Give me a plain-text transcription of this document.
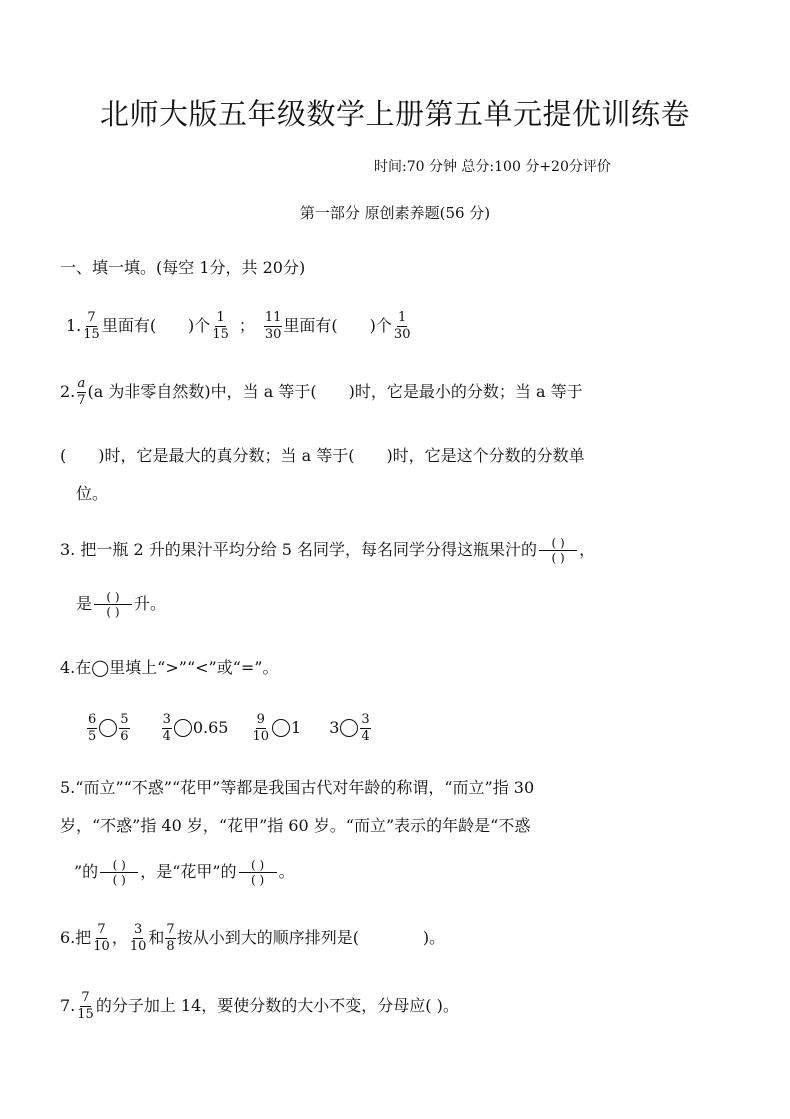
北师大版五年级数学上册第五单元提优训练卷
时间:70 分钟 总分:100 分+20分评价
第一部分 原创素养题(56 分)
一、填一填。(每空 1分，共 20分)
1. $\frac{7}{15}$ 里面有(　　)个 $\frac{1}{15}$ ； $\frac{11}{30}$ 里面有(　　)个 $\frac{1}{30}$
2. $\frac{a}{7} (a$ 为非零自然数)中，当 a 等于(　　)时，它是最小的分数；当 a 等于
(　　)时，它是最大的真分数；当 a 等于(　　)时，它是这个分数的分数单
位。
3. 把一瓶 2 升的果汁平均分给 5 名同学，每名同学分得这瓶果汁的 $\frac{( )}{( )}$ ，
是 $\frac{( )}{( )}$ 升。
4.在◯里填上“>”“<”或“=”。
$\frac{6}{5} \frac{5}{6} \frac{3}{4} 0.65 \frac{9}{10} 1$ $3 \frac{3}{4}$
5.“而立”“不惑”“花甲”等都是我国古代对年龄的称谓，“而立”指 30
岁，“不惑”指 40 岁，“花甲”指 60 岁。“而立”表示的年龄是“不惑
”的 $\frac{( )}{( )}$ ，是“花甲”的 $\frac{( )}{( )}$ 。
6.把 $\frac{7}{10}$ ， $\frac{3}{10}$ 和 $\frac{7}{8}$ 按从小到大的顺序排列是(　　　　)。
7. $\frac{7}{15}$ 的分子加上 14，要使分数的大小不变，分母应( )。
